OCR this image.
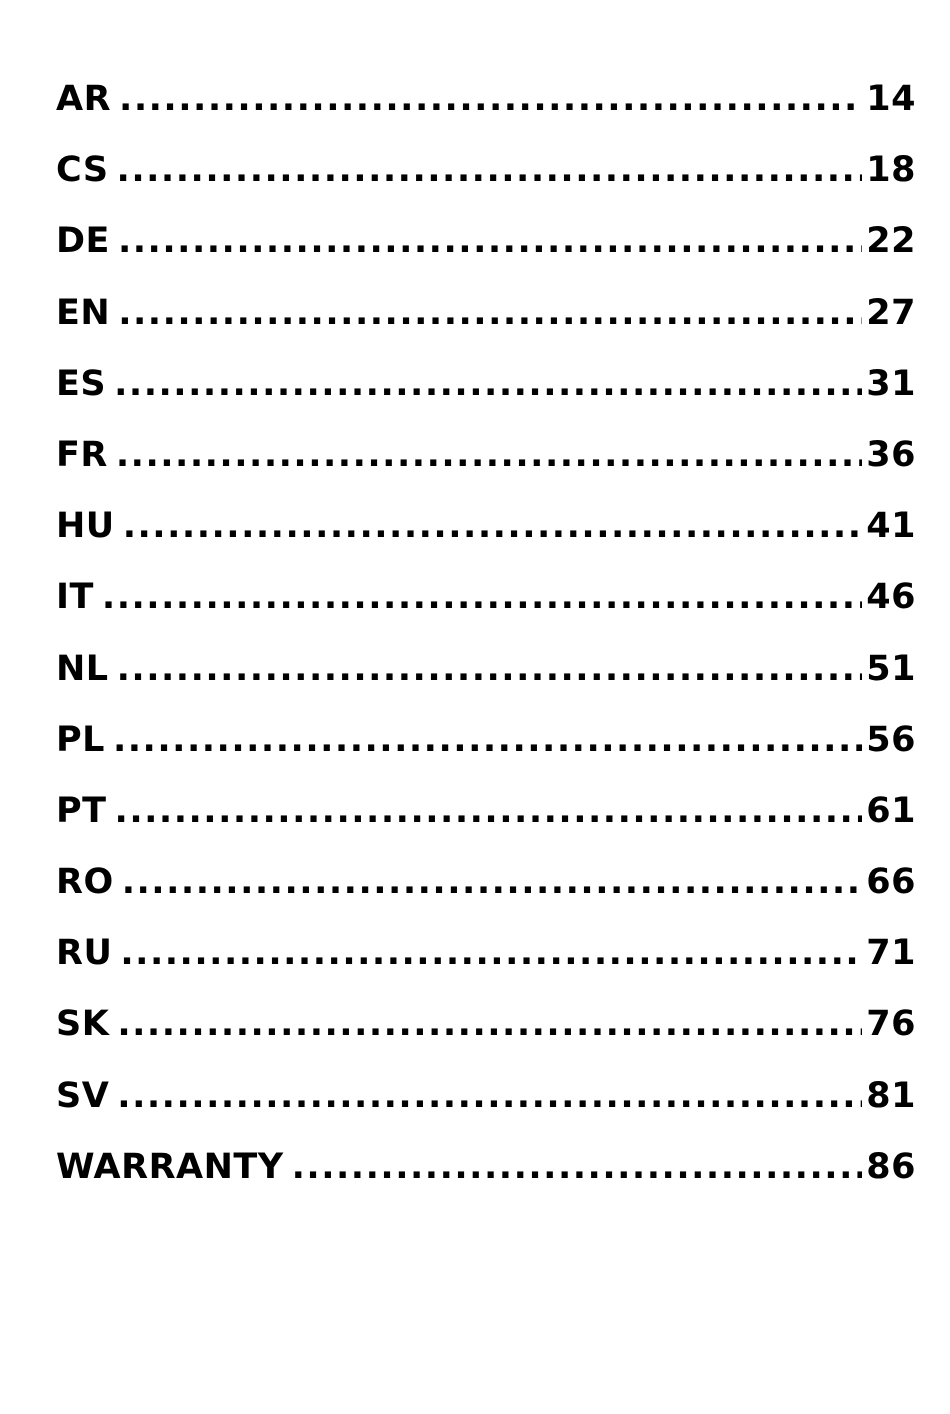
AR .....	14
CS .....	18
DE .....	22
EN .....	27
ES .....	31
FR .....	36
HU .....	41
IT .....	46
NL .....	51
PL .....	56
PT .....	61
RO .....	66
RU .....	71
SK .....	76
SV .....	81
WARRANTY .....	86
